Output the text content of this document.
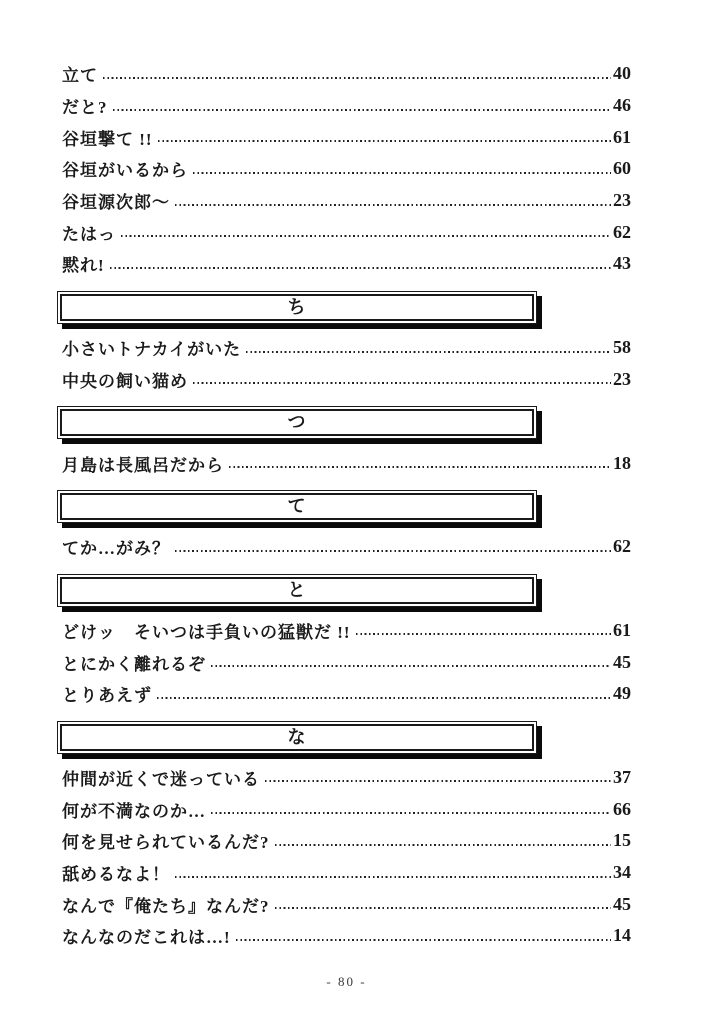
立て	40
だと?	46
谷垣撃て !!	61
谷垣がいるから	60
谷垣源次郎〜	23
たはっ	62
黙れ!	43
ち
小さいトナカイがいた	58
中央の飼い猫め	23
つ
月島は長風呂だから	18
て
てか…がみ？	62
と
どけッ　そいつは手負いの猛獣だ !!	61
とにかく離れるぞ	45
とりあえず	49
な
仲間が近くで迷っている	37
何が不満なのか…	66
何を見せられているんだ?	15
舐めるなよ！	34
なんで『俺たち』なんだ?	45
なんなのだこれは…!	14
- 80 -
